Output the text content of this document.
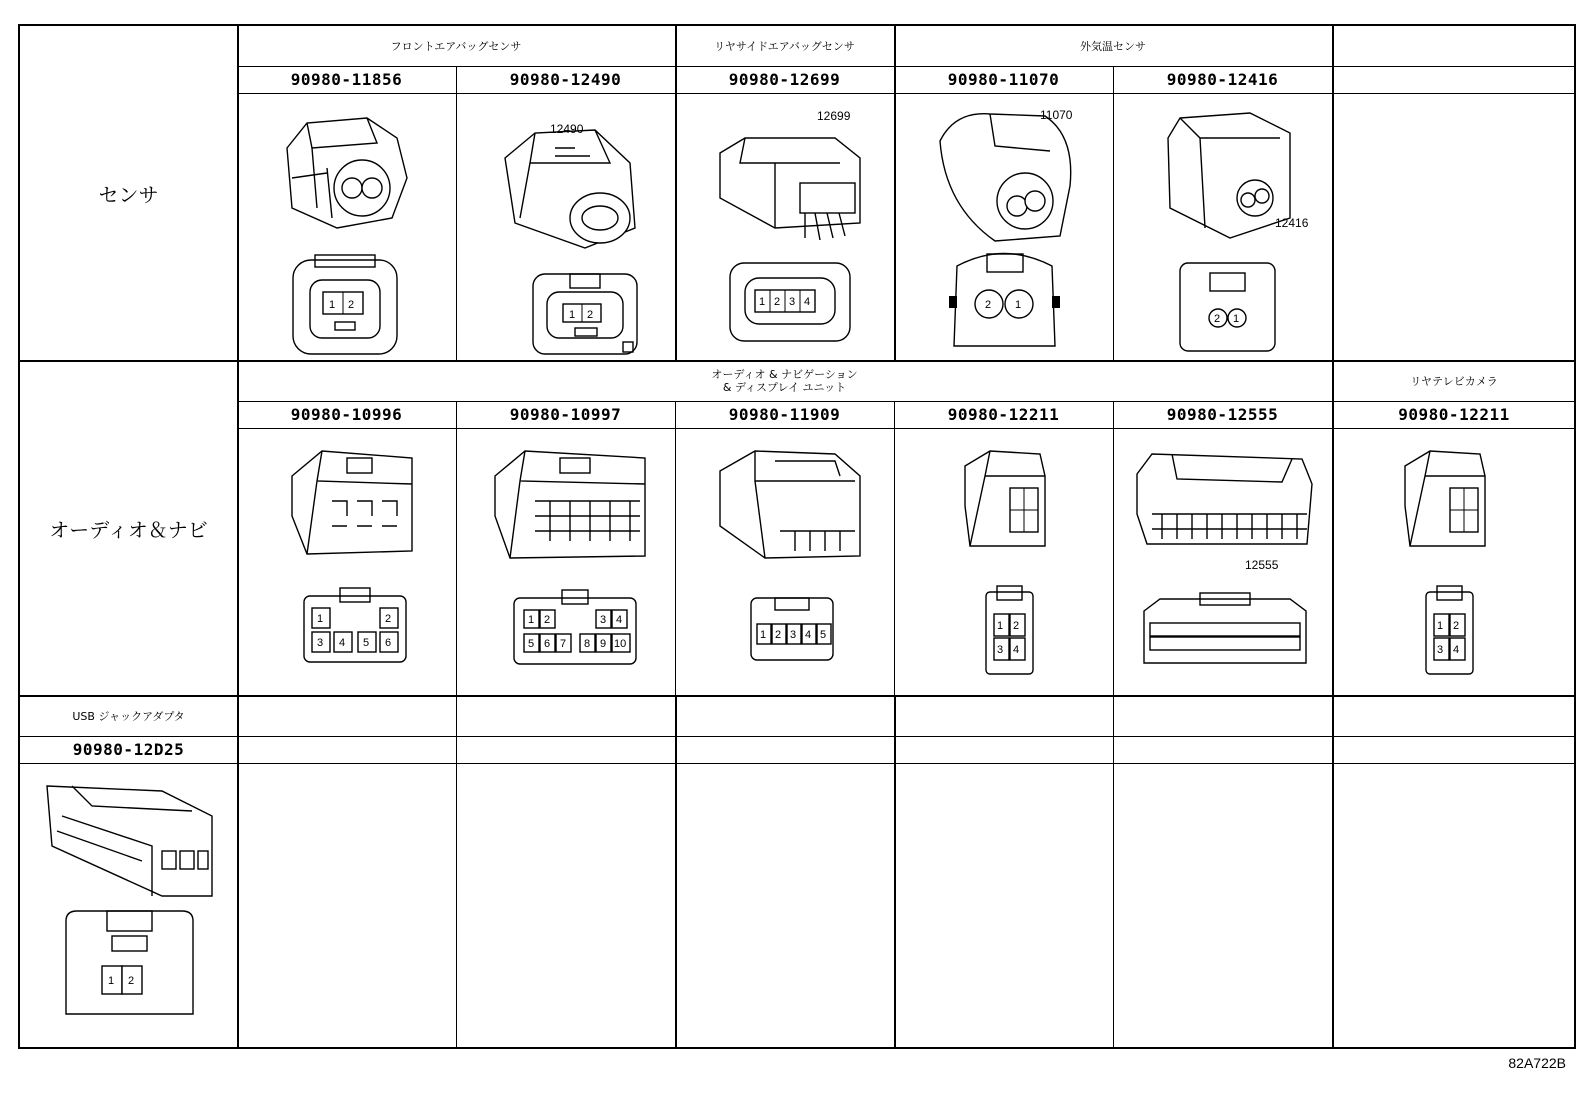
センサ
フロントエアバッグセンサ	リヤサイドエアバッグセンサ	外気温センサ
90980-11856	90980-12490	90980-12699	90980-11070	90980-12416
1 2
12490
1 2
12699
1 2 3 4
11070
2 1
12416
2 1
オーディオ＆ナビ
オーディオ & ナビゲーション
& ディスプレイ ユニット	リヤテレビカメラ
90980-10996	90980-10997	90980-11909	90980-12211	90980-12555	90980-12211
1	2
3 4 5 6
1 2	3 4
5 6 7 8 9 10
1 2 3 4 5
1 2
3 4
12555
1 2
3 4
USB ジャックアダプタ
90980-12D25
1 2
82A722B
